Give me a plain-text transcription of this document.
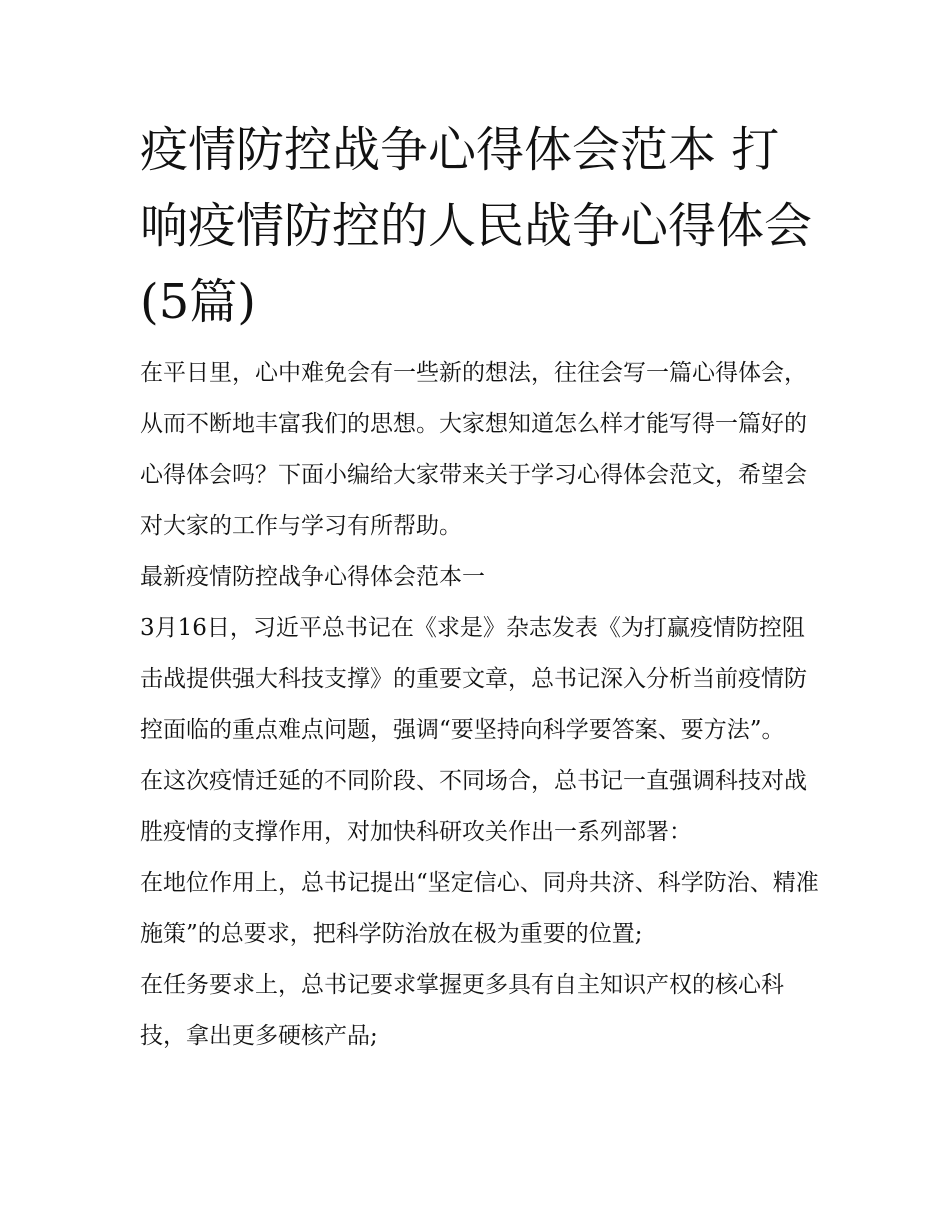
疫情防控战争心得体会范本 打响疫情防控的人民战争心得体会(5篇)

在平日里，心中难免会有一些新的想法，往往会写一篇心得体会，从而不断地丰富我们的思想。大家想知道怎么样才能写得一篇好的心得体会吗？下面小编给大家带来关于学习心得体会范文，希望会对大家的工作与学习有所帮助。

最新疫情防控战争心得体会范本一

3月16日，习近平总书记在《求是》杂志发表《为打赢疫情防控阻击战提供强大科技支撑》的重要文章，总书记深入分析当前疫情防控面临的重点难点问题，强调“要坚持向科学要答案、要方法”。

在这次疫情迁延的不同阶段、不同场合，总书记一直强调科技对战胜疫情的支撑作用，对加快科研攻关作出一系列部署：

在地位作用上，总书记提出“坚定信心、同舟共济、科学防治、精准施策”的总要求，把科学防治放在极为重要的位置;

在任务要求上，总书记要求掌握更多具有自主知识产权的核心科技，拿出更多硬核产品;
